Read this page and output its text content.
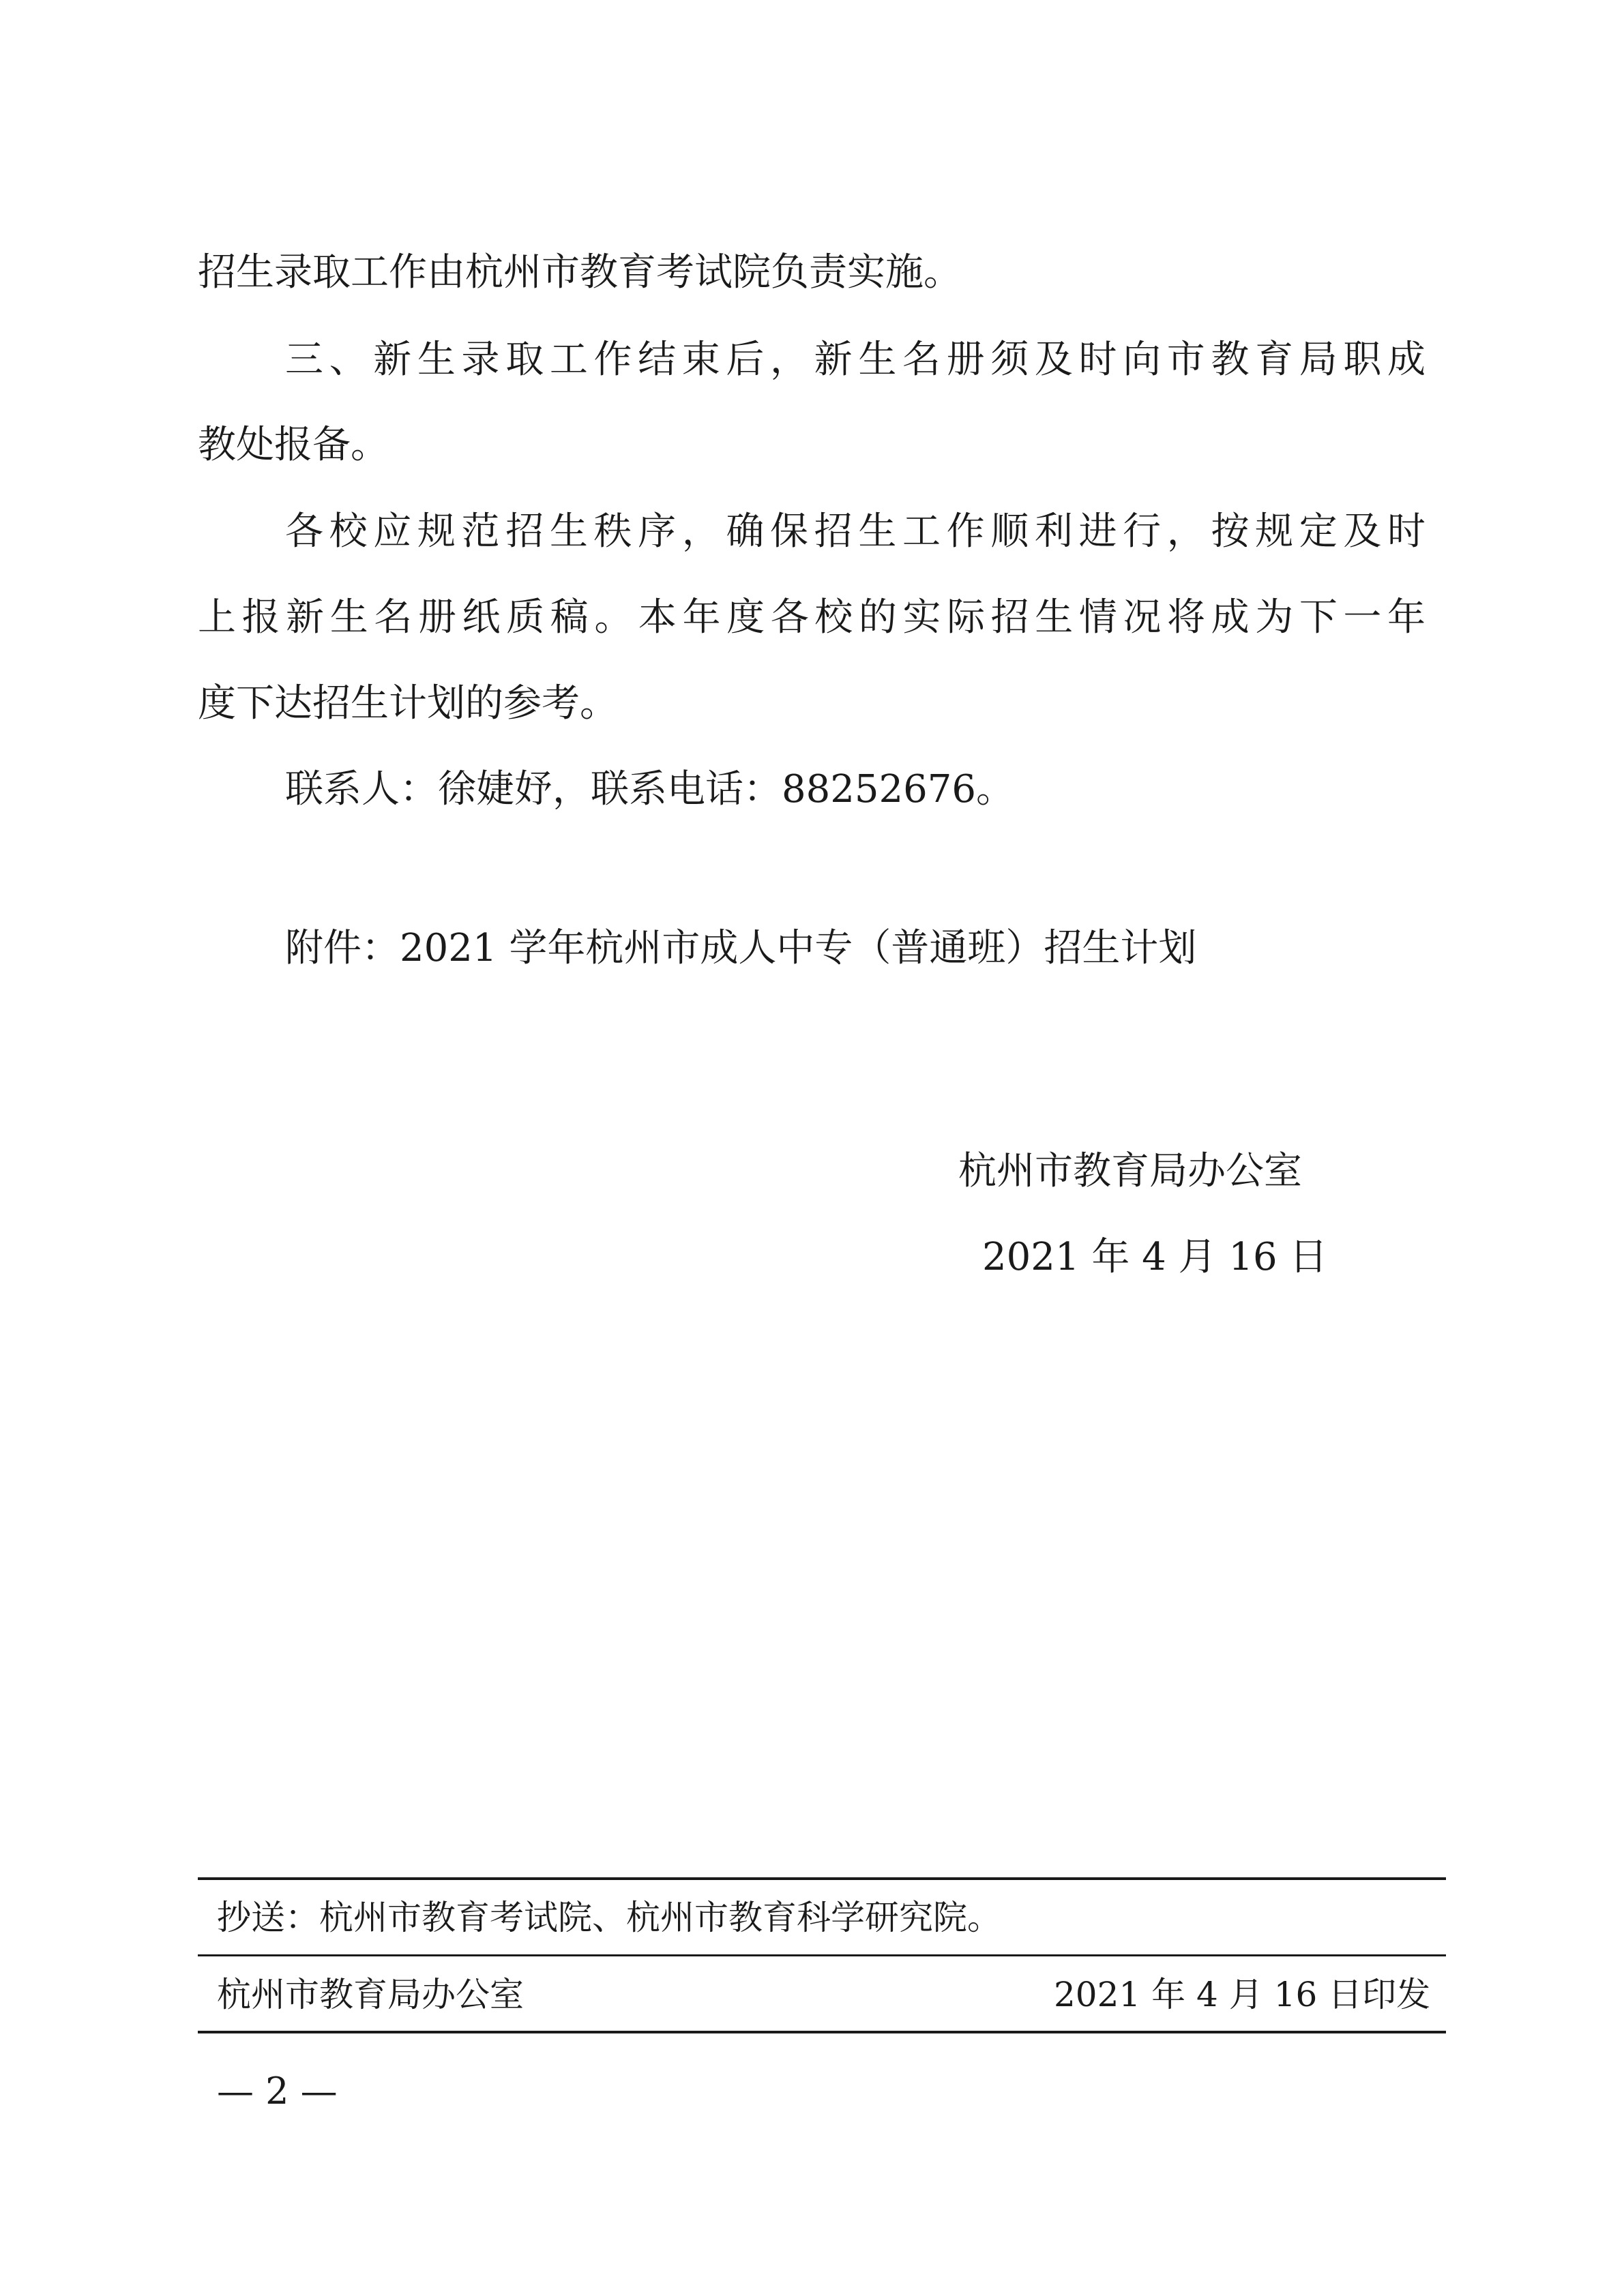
招生录取工作由杭州市教育考试院负责实施。

三、新生录取工作结束后，新生名册须及时向市教育局职成

教处报备。

各校应规范招生秩序，确保招生工作顺利进行，按规定及时

上报新生名册纸质稿。本年度各校的实际招生情况将成为下一年

度下达招生计划的参考。

联系人：徐婕妤，联系电话：88252676。

附件：2021 学年杭州市成人中专（普通班）招生计划

杭州市教育局办公室

2021 年 4 月 16 日

抄送：杭州市教育考试院、杭州市教育科学研究院。
杭州市教育局办公室	2021 年 4 月 16 日印发
— 2 —
